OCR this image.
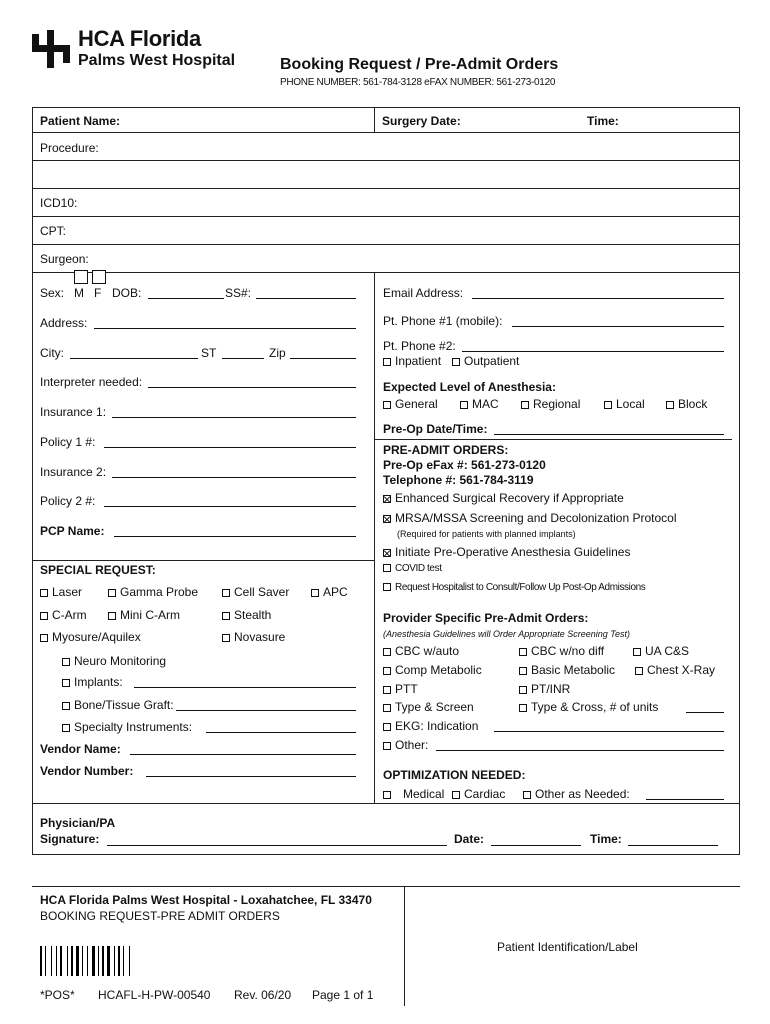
HCA Florida
Palms West Hospital	Booking Request / Pre-Admit Orders
PHONE NUMBER: 561-784-3128 eFAX NUMBER: 561-273-0120
Patient Name:	Surgery Date:	Time:
Procedure:
ICD10:
CPT:
Surgeon:
Sex: M F DOB:	SS#:
Address:
City:	ST	Zip
Interpreter needed:
Insurance 1:
Policy 1 #:
Insurance 2:
Policy 2 #:
PCP Name:
SPECIAL REQUEST:
Laser	Gamma Probe	Cell Saver	APC
C-Arm	Mini C-Arm	Stealth
Myosure/Aquilex	Novasure
Neuro Monitoring
Implants:
Bone/Tissue Graft:
Specialty Instruments:
Vendor Name:
Vendor Number:
Email Address:
Pt. Phone #1 (mobile):
Pt. Phone #2:
Inpatient	Outpatient
Expected Level of Anesthesia:
General	MAC	Regional	Local	Block
Pre-Op Date/Time:
PRE-ADMIT ORDERS:
Pre-Op eFax #: 561-273-0120
Telephone #: 561-784-3119
Enhanced Surgical Recovery if Appropriate
MRSA/MSSA Screening and Decolonization Protocol
(Required for patients with planned implants)
Initiate Pre-Operative Anesthesia Guidelines
COVID test
Request Hospitalist to Consult/Follow Up Post-Op Admissions
Provider Specific Pre-Admit Orders:
(Anesthesia Guidelines will Order Appropriate Screening Test)
CBC w/auto	CBC w/no diff	UA C&S
Comp Metabolic	Basic Metabolic	Chest X-Ray
PTT	PT/INR
Type & Screen	Type & Cross, # of units
EKG: Indication
Other:
OPTIMIZATION NEEDED:
Medical	Cardiac	Other as Needed:
Physician/PA
Signature:	Date:	Time:
HCA Florida Palms West Hospital - Loxahatchee, FL 33470
BOOKING REQUEST-PRE ADMIT ORDERS
Patient Identification/Label
*POS* HCAFL-H-PW-00540 Rev. 06/20 Page 1 of 1
